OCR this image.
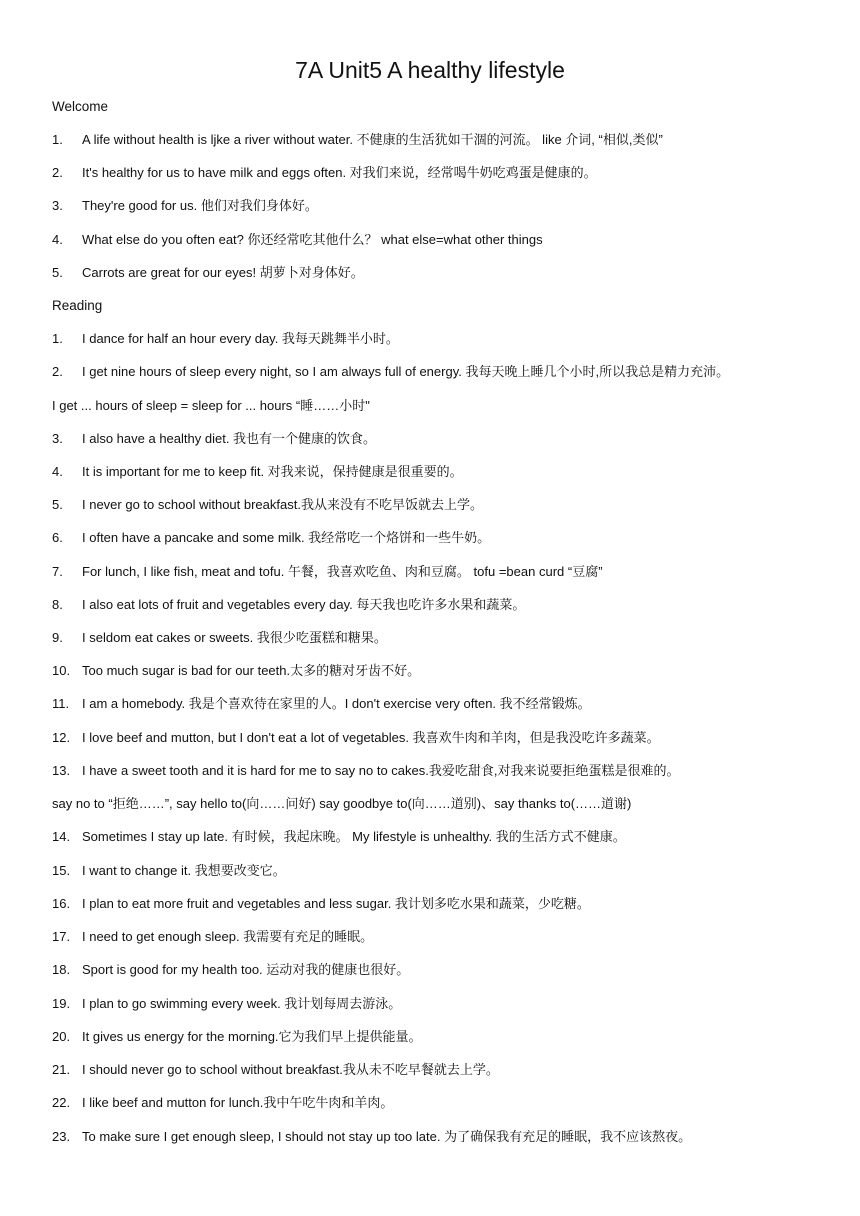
7A Unit5 A healthy lifestyle
Welcome
1.	A life without health is ljke a river without water. 不健康的生活犹如干涸的河流。 like 介词, “相似,类似”
2.	It's healthy for us to have milk and eggs often. 对我们来说，经常喝牛奶吃鸡蛋是健康的。
3.	They're good for us. 他们对我们身体好。
4.	What else do you often eat? 你还经常吃其他什么？ what else=what other things
5.	Carrots are great for our eyes! 胡萝卜对身体好。
Reading
1.	I dance for half an hour every day. 我每天跳舞半小时。
2.	I get nine hours of sleep every night, so I am always full of energy. 我每天晚上睡几个小时,所以我总是精力充沛。
I get ... hours of sleep = sleep for ... hours “睡……小时"
3.	I also have a healthy diet. 我也有一个健康的饮食。
4.	It is important for me to keep fit. 对我来说，保持健康是很重要的。
5.	I never go to school without breakfast.我从来没有不吃早饭就去上学。
6.	I often have a pancake and some milk. 我经常吃一个烙饼和一些牛奶。
7.	For lunch, I like fish, meat and tofu. 午餐，我喜欢吃鱼、肉和豆腐。 tofu =bean curd “豆腐”
8.	I also eat lots of fruit and vegetables every day. 每天我也吃许多水果和蔬菜。
9.	I seldom eat cakes or sweets. 我很少吃蛋糕和糖果。
10. Too much sugar is bad for our teeth.太多的糖对牙齿不好。
11. I am a homebody. 我是个喜欢待在家里的人。I don't exercise very often. 我不经常锻炼。
12. I love beef and mutton, but I don't eat a lot of vegetables. 我喜欢牛肉和羊肉，但是我没吃许多蔬菜。
13. I have a sweet tooth and it is hard for me to say no to cakes.我爱吃甜食,对我来说要拒绝蛋糕是很难的。
say no to “拒绝……”, say hello to(向……问好) say goodbye to(向……道别)、say thanks to(……道谢)
14. Sometimes I stay up late. 有时候，我起床晚。 My lifestyle is unhealthy. 我的生活方式不健康。
15. I want to change it. 我想要改变它。
16. I plan to eat more fruit and vegetables and less sugar. 我计划多吃水果和蔬菜，少吃糖。
17. I need to get enough sleep. 我需要有充足的睡眠。
18. Sport is good for my health too. 运动对我的健康也很好。
19. I plan to go swimming every week. 我计划每周去游泳。
20. It gives us energy for the morning.它为我们早上提供能量。
21. I should never go to school without breakfast.我从未不吃早餐就去上学。
22. I like beef and mutton for lunch.我中午吃牛肉和羊肉。
23. To make sure I get enough sleep, I should not stay up too late. 为了确保我有充足的睡眠，我不应该熬夜。
